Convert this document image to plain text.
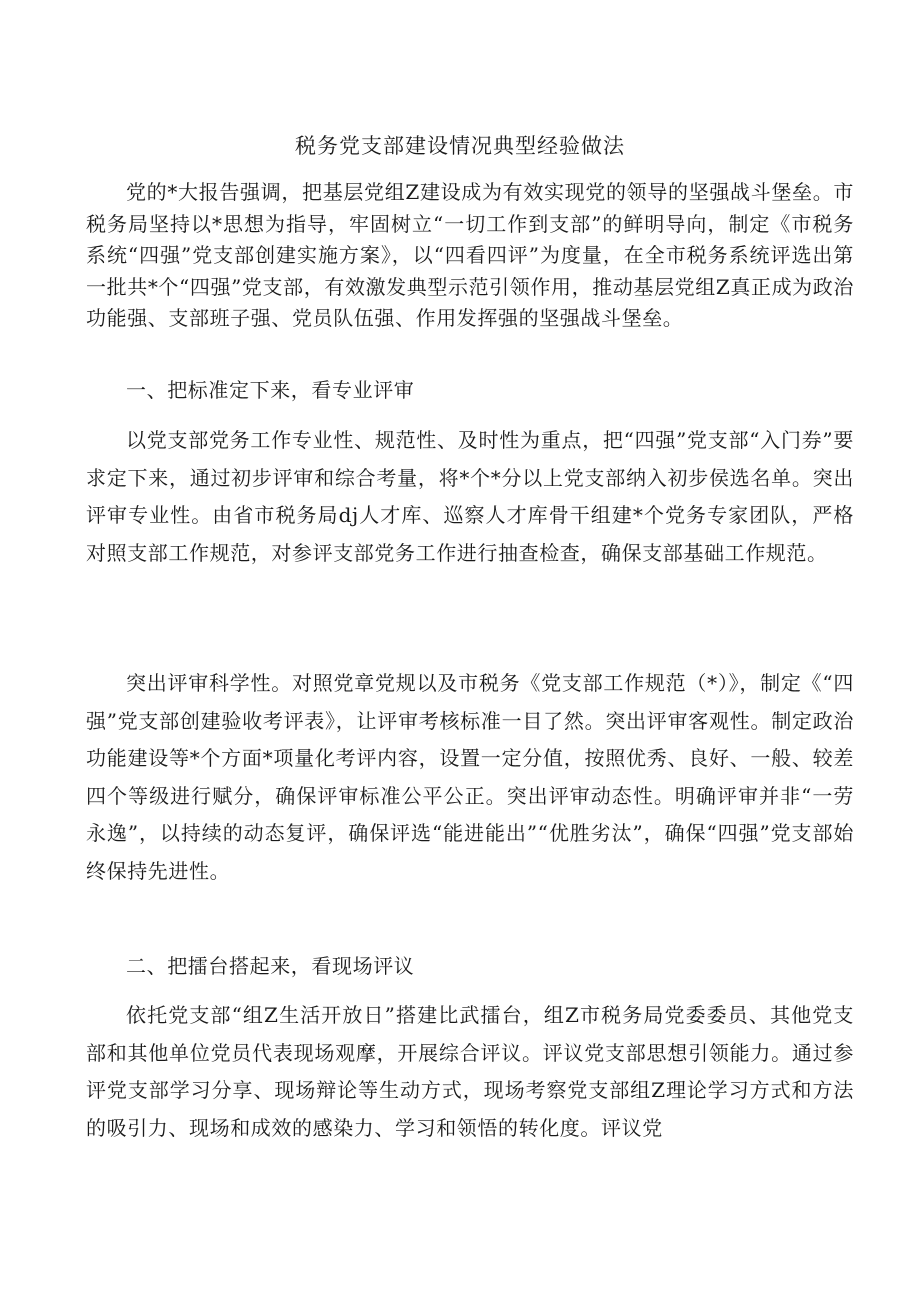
税务党支部建设情况典型经验做法

党的*大报告强调，把基层党组Z建设成为有效实现党的领导的坚强战斗堡垒。市税务局坚持以*思想为指导，牢固树立“一切工作到支部”的鲜明导向，制定《市税务系统“四强”党支部创建实施方案》，以“四看四评”为度量，在全市税务系统评选出第一批共*个“四强”党支部，有效激发典型示范引领作用，推动基层党组Z真正成为政治功能强、支部班子强、党员队伍强、作用发挥强的坚强战斗堡垒。

一、把标准定下来，看专业评审

以党支部党务工作专业性、规范性、及时性为重点，把“四强”党支部“入门券”要求定下来，通过初步评审和综合考量，将*个*分以上党支部纳入初步侯选名单。突出评审专业性。由省市税务局dj人才库、巡察人才库骨干组建*个党务专家团队，严格对照支部工作规范，对参评支部党务工作进行抽查检查，确保支部基础工作规范。

突出评审科学性。对照党章党规以及市税务《党支部工作规范（*）》，制定《“四强”党支部创建验收考评表》，让评审考核标准一目了然。突出评审客观性。制定政治功能建设等*个方面*项量化考评内容，设置一定分值，按照优秀、良好、一般、较差四个等级进行赋分，确保评审标准公平公正。突出评审动态性。明确评审并非“一劳永逸”，以持续的动态复评，确保评选“能进能出”“优胜劣汰”，确保“四强”党支部始终保持先进性。

二、把擂台搭起来，看现场评议

依托党支部“组Z生活开放日”搭建比武擂台，组Z市税务局党委委员、其他党支部和其他单位党员代表现场观摩，开展综合评议。评议党支部思想引领能力。通过参评党支部学习分享、现场辩论等生动方式，现场考察党支部组Z理论学习方式和方法的吸引力、现场和成效的感染力、学习和领悟的转化度。评议党
